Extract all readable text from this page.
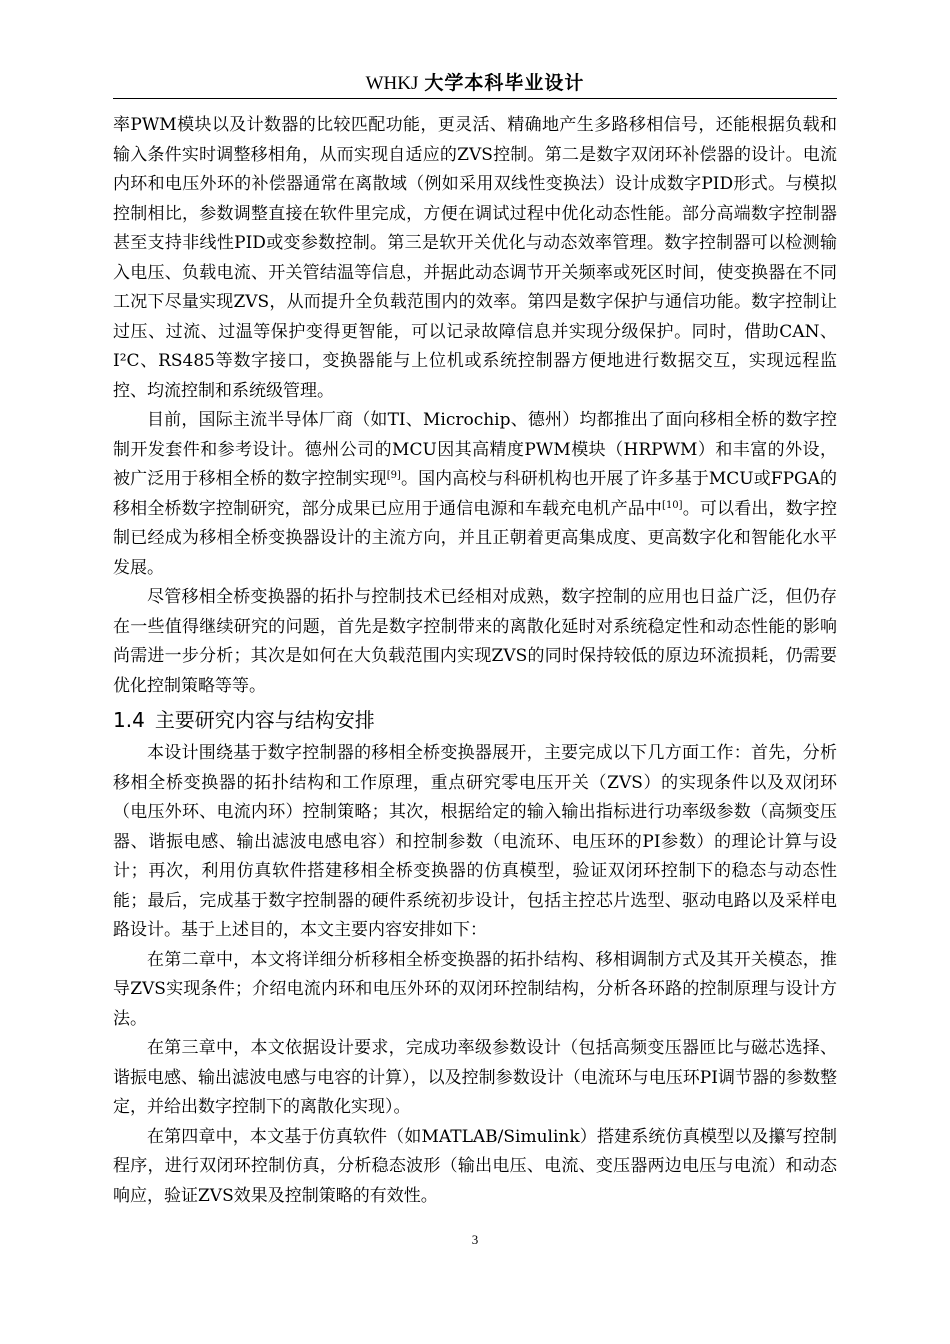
WHKJ 大学本科毕业设计

率PWM模块以及计数器的比较匹配功能，更灵活、精确地产生多路移相信号，还能根据负载和输入条件实时调整移相角，从而实现自适应的ZVS控制。第二是数字双闭环补偿器的设计。电流内环和电压外环的补偿器通常在离散域（例如采用双线性变换法）设计成数字PID形式。与模拟控制相比，参数调整直接在软件里完成，方便在调试过程中优化动态性能。部分高端数字控制器甚至支持非线性PID或变参数控制。第三是软开关优化与动态效率管理。数字控制器可以检测输入电压、负载电流、开关管结温等信息，并据此动态调节开关频率或死区时间，使变换器在不同工况下尽量实现ZVS，从而提升全负载范围内的效率。第四是数字保护与通信功能。数字控制让过压、过流、过温等保护变得更智能，可以记录故障信息并实现分级保护。同时，借助CAN、I²C、RS485等数字接口，变换器能与上位机或系统控制器方便地进行数据交互，实现远程监控、均流控制和系统级管理。

目前，国际主流半导体厂商（如TI、Microchip、德州）均都推出了面向移相全桥的数字控制开发套件和参考设计。德州公司的MCU因其高精度PWM模块（HRPWM）和丰富的外设，被广泛用于移相全桥的数字控制实现[9]。国内高校与科研机构也开展了许多基于MCU或FPGA的移相全桥数字控制研究，部分成果已应用于通信电源和车载充电机产品中[10]。可以看出，数字控制已经成为移相全桥变换器设计的主流方向，并且正朝着更高集成度、更高数字化和智能化水平发展。

尽管移相全桥变换器的拓扑与控制技术已经相对成熟，数字控制的应用也日益广泛，但仍存在一些值得继续研究的问题，首先是数字控制带来的离散化延时对系统稳定性和动态性能的影响尚需进一步分析；其次是如何在大负载范围内实现ZVS的同时保持较低的原边环流损耗，仍需要优化控制策略等等。

1.4 主要研究内容与结构安排

本设计围绕基于数字控制器的移相全桥变换器展开，主要完成以下几方面工作：首先，分析移相全桥变换器的拓扑结构和工作原理，重点研究零电压开关（ZVS）的实现条件以及双闭环（电压外环、电流内环）控制策略；其次，根据给定的输入输出指标进行功率级参数（高频变压器、谐振电感、输出滤波电感电容）和控制参数（电流环、电压环的PI参数）的理论计算与设计；再次，利用仿真软件搭建移相全桥变换器的仿真模型，验证双闭环控制下的稳态与动态性能；最后，完成基于数字控制器的硬件系统初步设计，包括主控芯片选型、驱动电路以及采样电路设计。基于上述目的，本文主要内容安排如下：

在第二章中，本文将详细分析移相全桥变换器的拓扑结构、移相调制方式及其开关模态，推导ZVS实现条件；介绍电流内环和电压外环的双闭环控制结构，分析各环路的控制原理与设计方法。

在第三章中，本文依据设计要求，完成功率级参数设计（包括高频变压器匝比与磁芯选择、谐振电感、输出滤波电感与电容的计算），以及控制参数设计（电流环与电压环PI调节器的参数整定，并给出数字控制下的离散化实现）。

在第四章中，本文基于仿真软件（如MATLAB/Simulink）搭建系统仿真模型以及攥写控制程序，进行双闭环控制仿真，分析稳态波形（输出电压、电流、变压器两边电压与电流）和动态响应，验证ZVS效果及控制策略的有效性。

3
